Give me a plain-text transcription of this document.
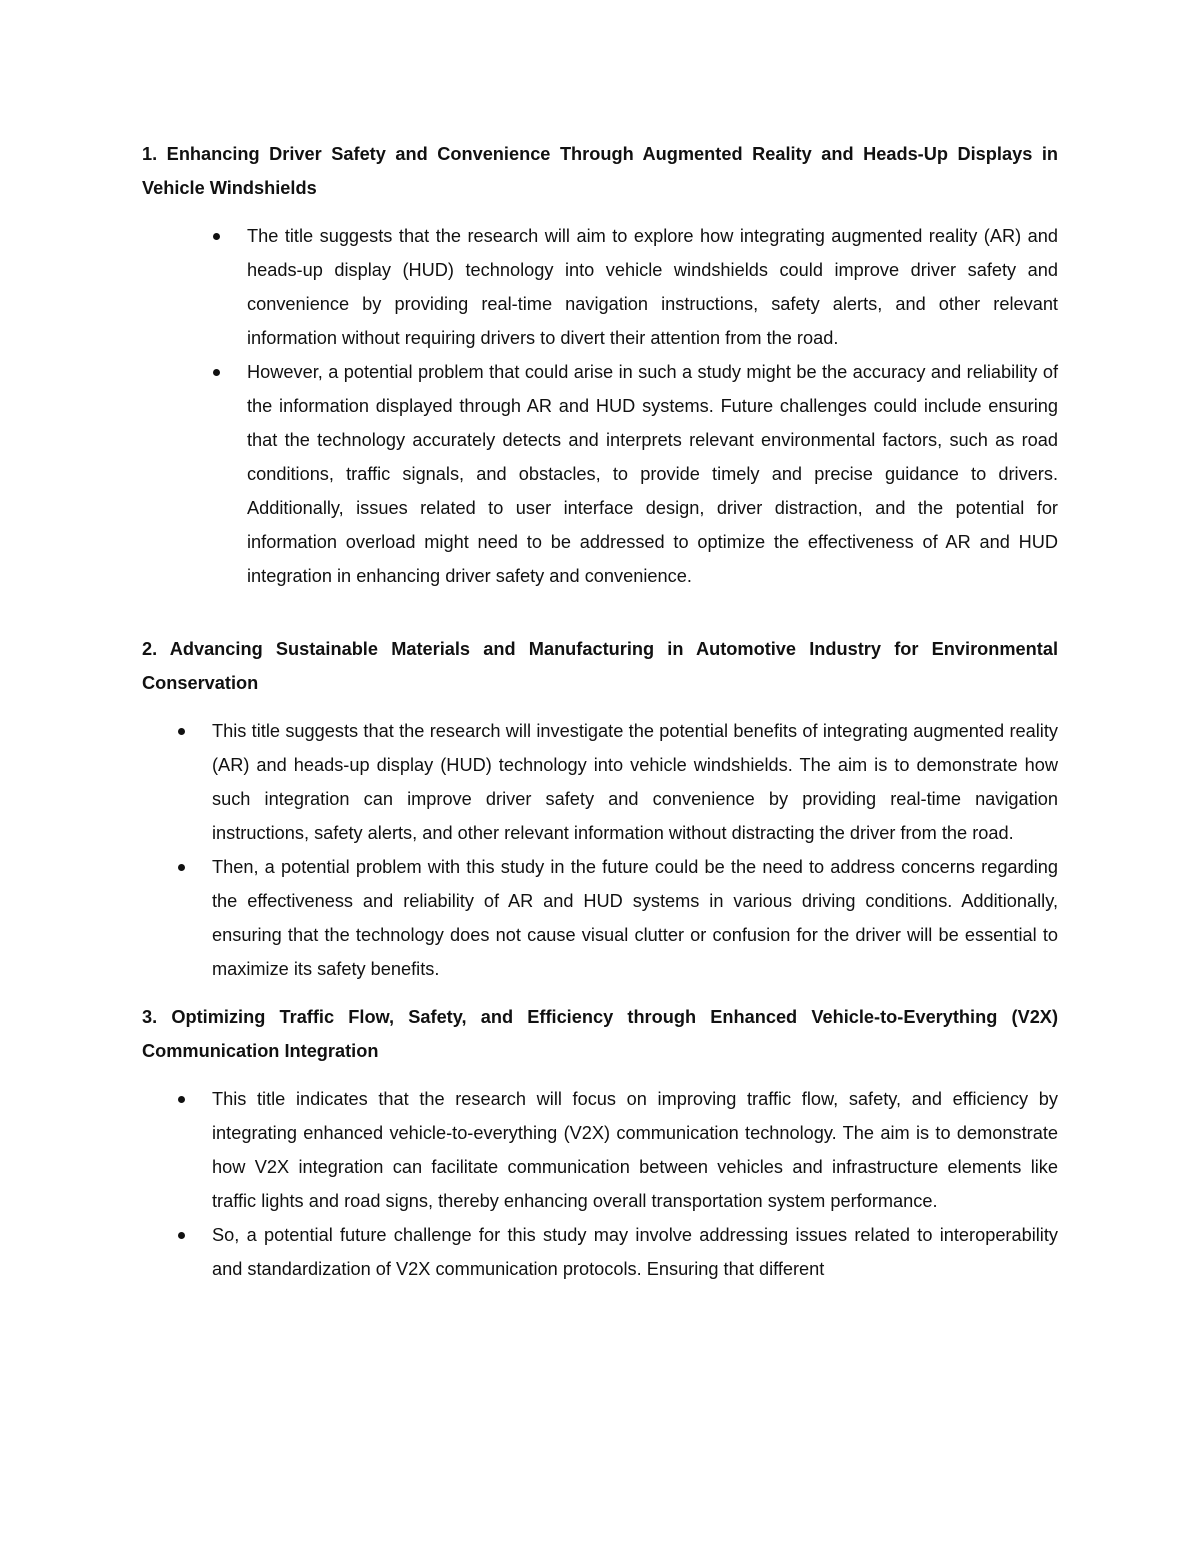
1. Enhancing Driver Safety and Convenience Through Augmented Reality and Heads-Up Displays in Vehicle Windshields

The title suggests that the research will aim to explore how integrating augmented reality (AR) and heads-up display (HUD) technology into vehicle windshields could improve driver safety and convenience by providing real-time navigation instructions, safety alerts, and other relevant information without requiring drivers to divert their attention from the road.
However, a potential problem that could arise in such a study might be the accuracy and reliability of the information displayed through AR and HUD systems. Future challenges could include ensuring that the technology accurately detects and interprets relevant environmental factors, such as road conditions, traffic signals, and obstacles, to provide timely and precise guidance to drivers. Additionally, issues related to user interface design, driver distraction, and the potential for information overload might need to be addressed to optimize the effectiveness of AR and HUD integration in enhancing driver safety and convenience.

2. Advancing Sustainable Materials and Manufacturing in Automotive Industry for Environmental Conservation

This title suggests that the research will investigate the potential benefits of integrating augmented reality (AR) and heads-up display (HUD) technology into vehicle windshields. The aim is to demonstrate how such integration can improve driver safety and convenience by providing real-time navigation instructions, safety alerts, and other relevant information without distracting the driver from the road.
Then, a potential problem with this study in the future could be the need to address concerns regarding the effectiveness and reliability of AR and HUD systems in various driving conditions. Additionally, ensuring that the technology does not cause visual clutter or confusion for the driver will be essential to maximize its safety benefits.

3. Optimizing Traffic Flow, Safety, and Efficiency through Enhanced Vehicle-to-Everything (V2X) Communication Integration

This title indicates that the research will focus on improving traffic flow, safety, and efficiency by integrating enhanced vehicle-to-everything (V2X) communication technology. The aim is to demonstrate how V2X integration can facilitate communication between vehicles and infrastructure elements like traffic lights and road signs, thereby enhancing overall transportation system performance.
So, a potential future challenge for this study may involve addressing issues related to interoperability and standardization of V2X communication protocols. Ensuring that different
